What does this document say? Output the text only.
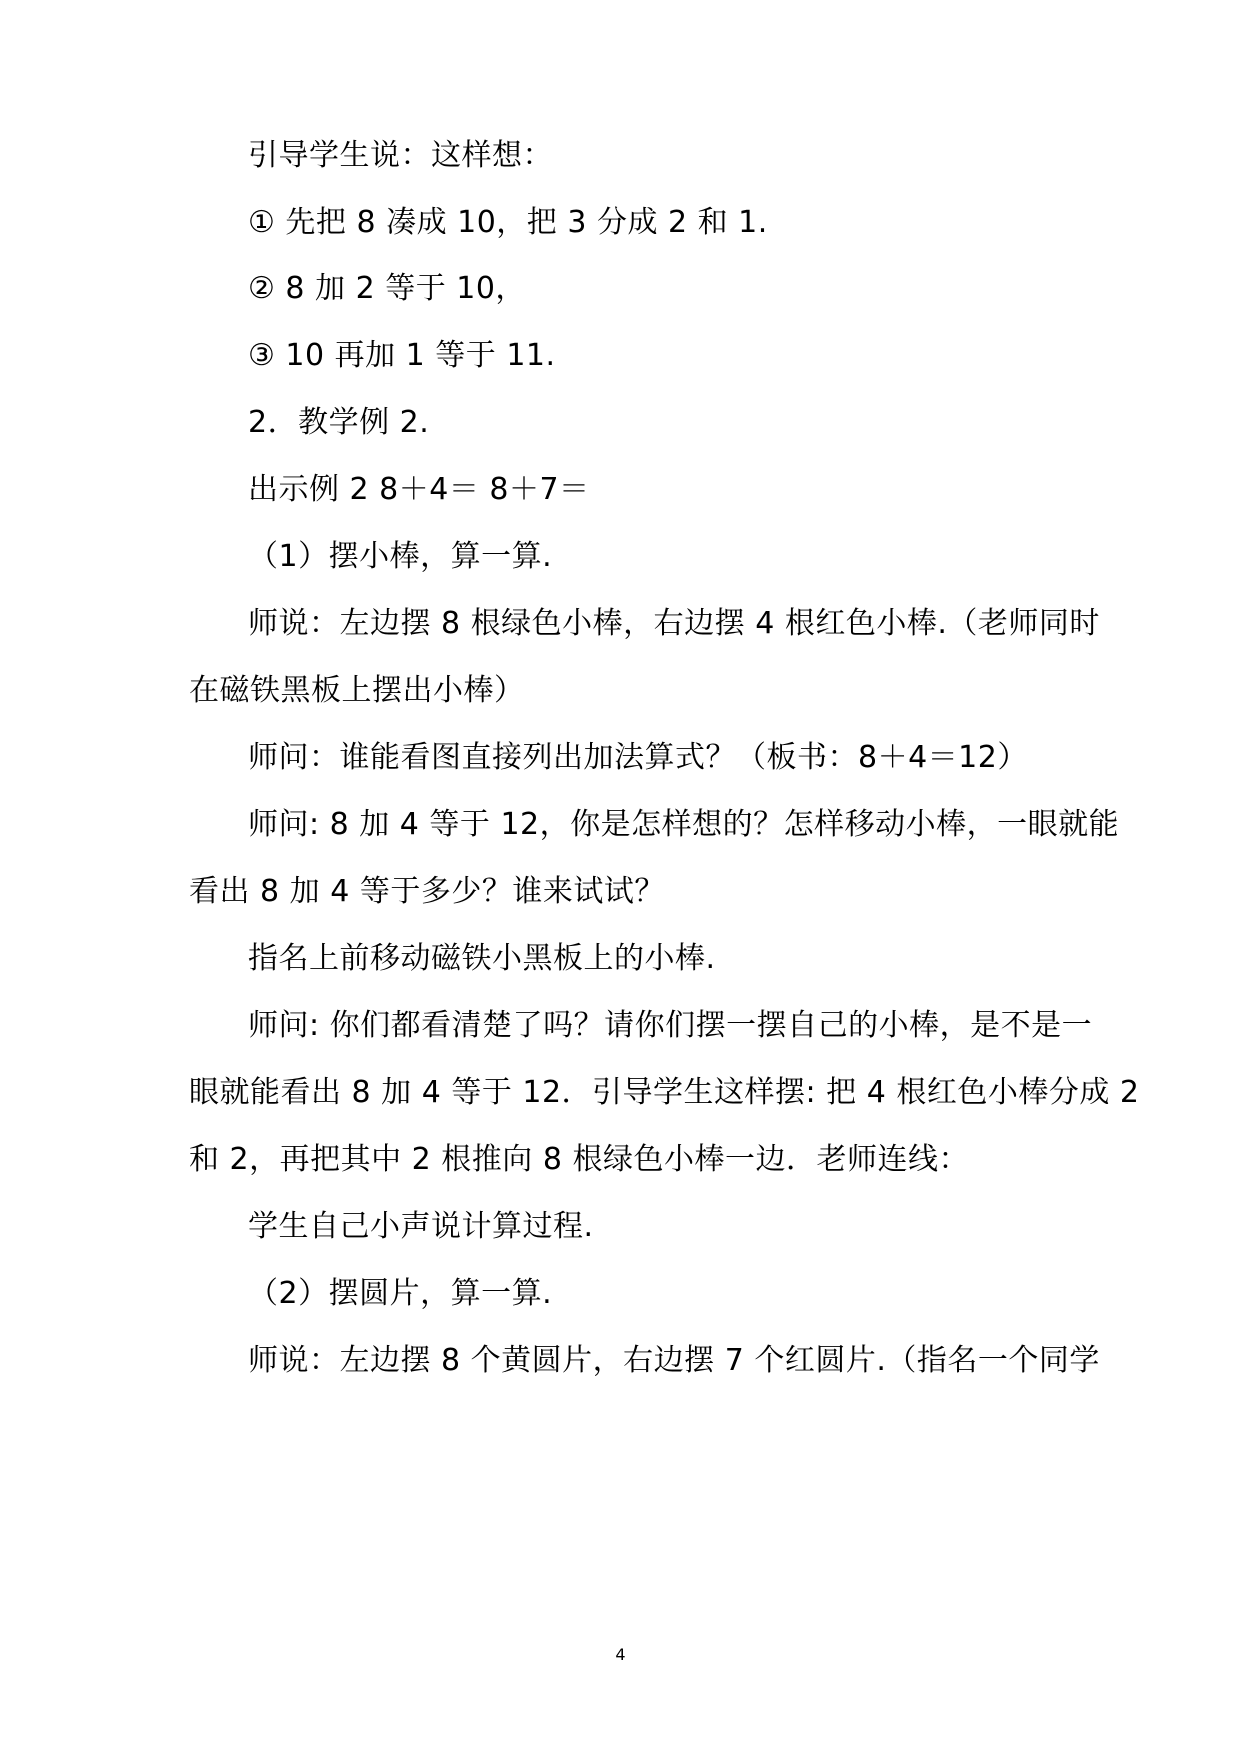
引导学生说：这样想：
① 先把 8 凑成 10，把 3 分成 2 和 1.
② 8 加 2 等于 10，
③ 10 再加 1 等于 11.
2．教学例 2.
出示例 2 8＋4＝ 8＋7＝
（1）摆小棒，算一算.
师说：左边摆 8 根绿色小棒，右边摆 4 根红色小棒.（老师同时
在磁铁黑板上摆出小棒）
师问：谁能看图直接列出加法算式？（板书：8＋4＝12）
师问: 8 加 4 等于 12，你是怎样想的？怎样移动小棒，一眼就能
看出 8 加 4 等于多少？谁来试试？
指名上前移动磁铁小黑板上的小棒.
师问: 你们都看清楚了吗？请你们摆一摆自己的小棒，是不是一
眼就能看出 8 加 4 等于 12．引导学生这样摆: 把 4 根红色小棒分成 2
和 2，再把其中 2 根推向 8 根绿色小棒一边．老师连线：
学生自己小声说计算过程.
（2）摆圆片，算一算.
师说：左边摆 8 个黄圆片，右边摆 7 个红圆片.（指名一个同学
4
